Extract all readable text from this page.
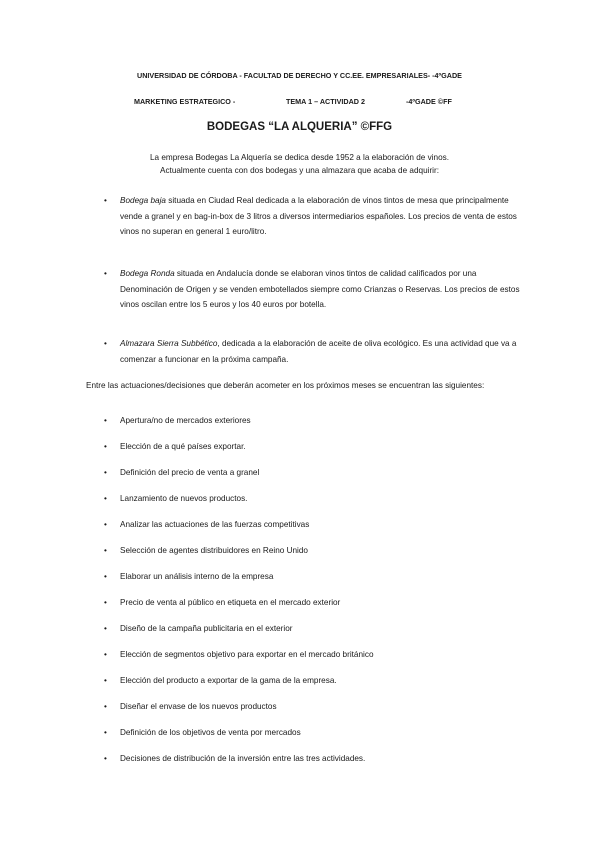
UNIVERSIDAD DE CÓRDOBA - FACULTAD DE DERECHO Y CC.EE. EMPRESARIALES- -4ºGADE
MARKETING ESTRATEGICO -	TEMA 1 – ACTIVIDAD 2	-4ºGADE ©FF
BODEGAS “LA ALQUERIA” ©FFG
La empresa Bodegas La Alquería se dedica desde 1952 a la elaboración de vinos. Actualmente cuenta con dos bodegas y una almazara que acaba de adquirir:
• Bodega baja situada en Ciudad Real dedicada a la elaboración de vinos tintos de mesa que principalmente vende a granel y en bag-in-box de 3 litros a diversos intermediarios españoles. Los precios de venta de estos vinos no superan en general 1 euro/litro.
• Bodega Ronda situada en Andalucía donde se elaboran vinos tintos de calidad calificados por una Denominación de Origen y se venden embotellados siempre como Crianzas o Reservas. Los precios de estos vinos oscilan entre los 5 euros y los 40 euros por botella.
• Almazara Sierra Subbético, dedicada a la elaboración de aceite de oliva ecológico. Es una actividad que va a comenzar a funcionar en la próxima campaña.
Entre las actuaciones/decisiones que deberán acometer en los próximos meses se encuentran las siguientes:
• Apertura/no de mercados exteriores
• Elección de a qué países exportar.
• Definición del precio de venta a granel
• Lanzamiento de nuevos productos.
• Analizar las actuaciones de las fuerzas competitivas
• Selección de agentes distribuidores en Reino Unido
• Elaborar un análisis interno de la empresa
• Precio de venta al público en etiqueta en el mercado exterior
• Diseño de la campaña publicitaria en el exterior
• Elección de segmentos objetivo para exportar en el mercado británico
• Elección del producto a exportar de la gama de la empresa.
• Diseñar el envase de los nuevos productos
• Definición de los objetivos de venta por mercados
• Decisiones de distribución de la inversión entre las tres actividades.
